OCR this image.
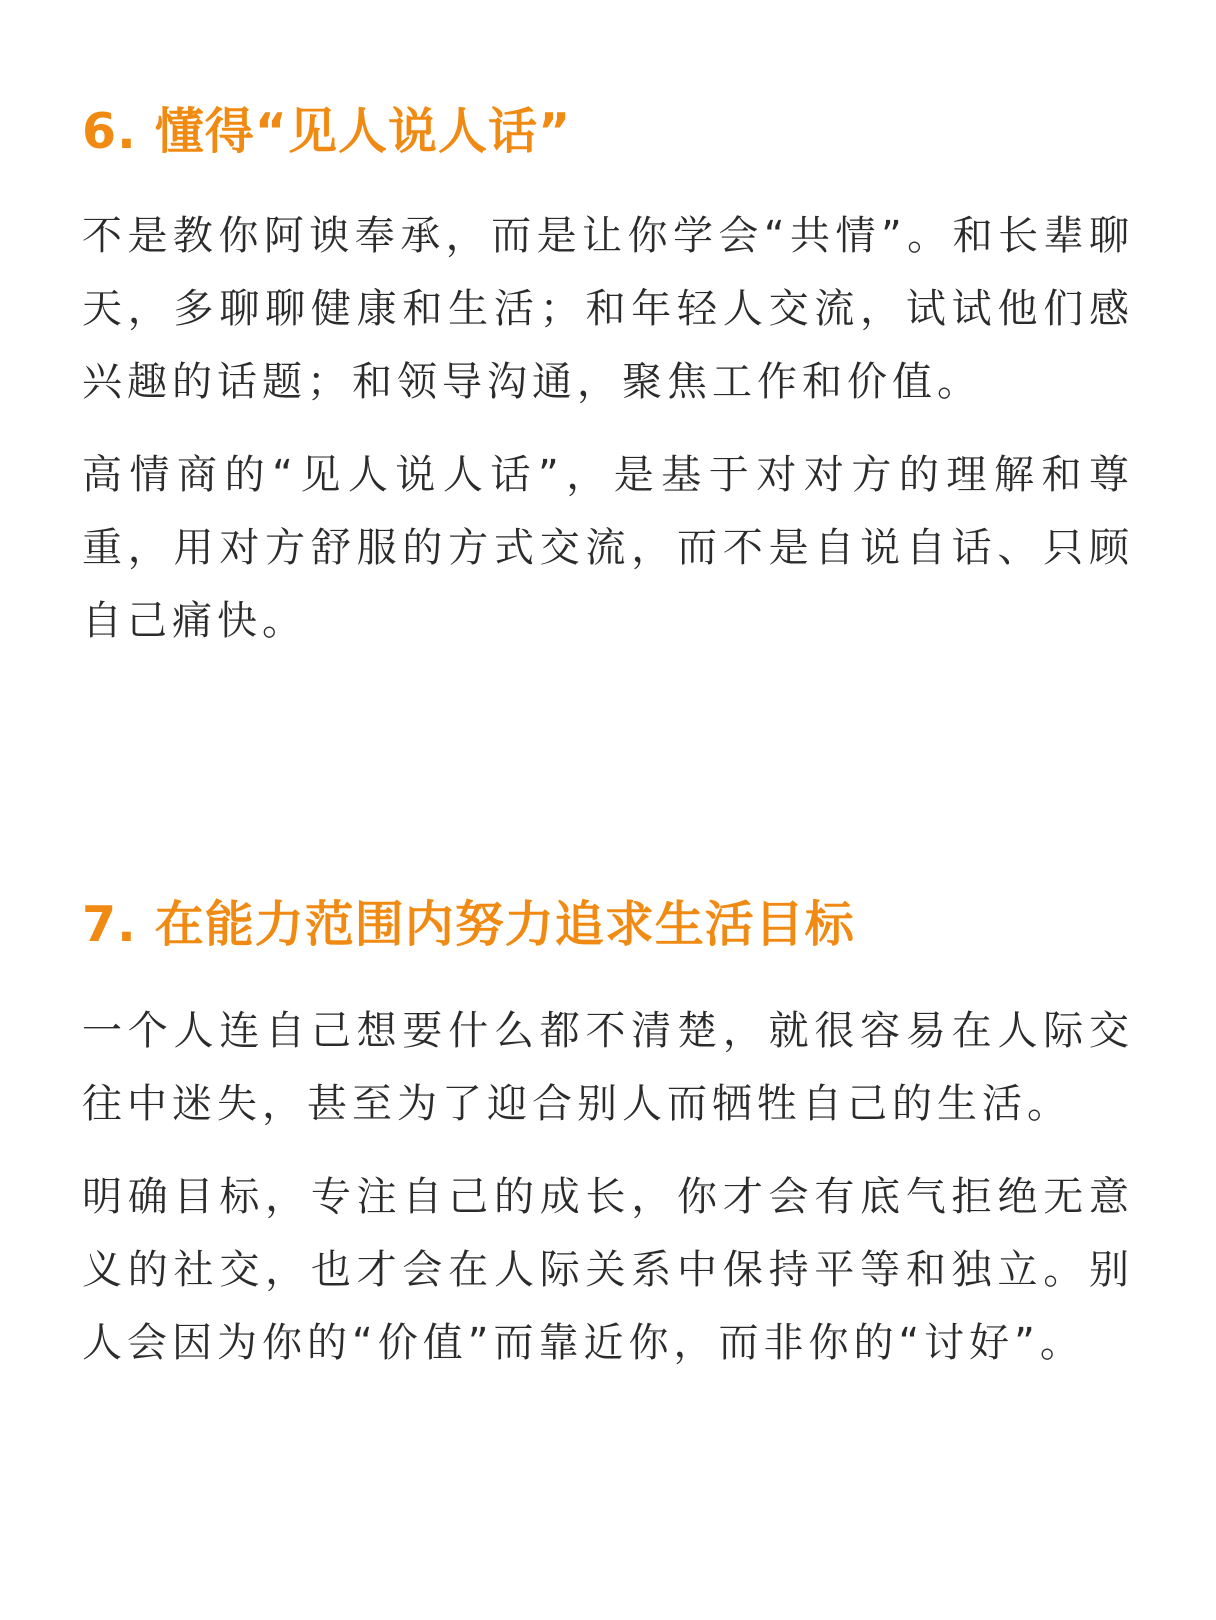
6. 懂得“见人说人话”

不是教你阿谀奉承，而是让你学会“共情”。和长辈聊天，多聊聊健康和生活；和年轻人交流，试试他们感兴趣的话题；和领导沟通，聚焦工作和价值。

高情商的“见人说人话”，是基于对对方的理解和尊重，用对方舒服的方式交流，而不是自说自话、只顾自己痛快。

7. 在能力范围内努力追求生活目标

一个人连自己想要什么都不清楚，就很容易在人际交往中迷失，甚至为了迎合别人而牺牲自己的生活。

明确目标，专注自己的成长，你才会有底气拒绝无意义的社交，也才会在人际关系中保持平等和独立。别人会因为你的“价值”而靠近你，而非你的“讨好”。
